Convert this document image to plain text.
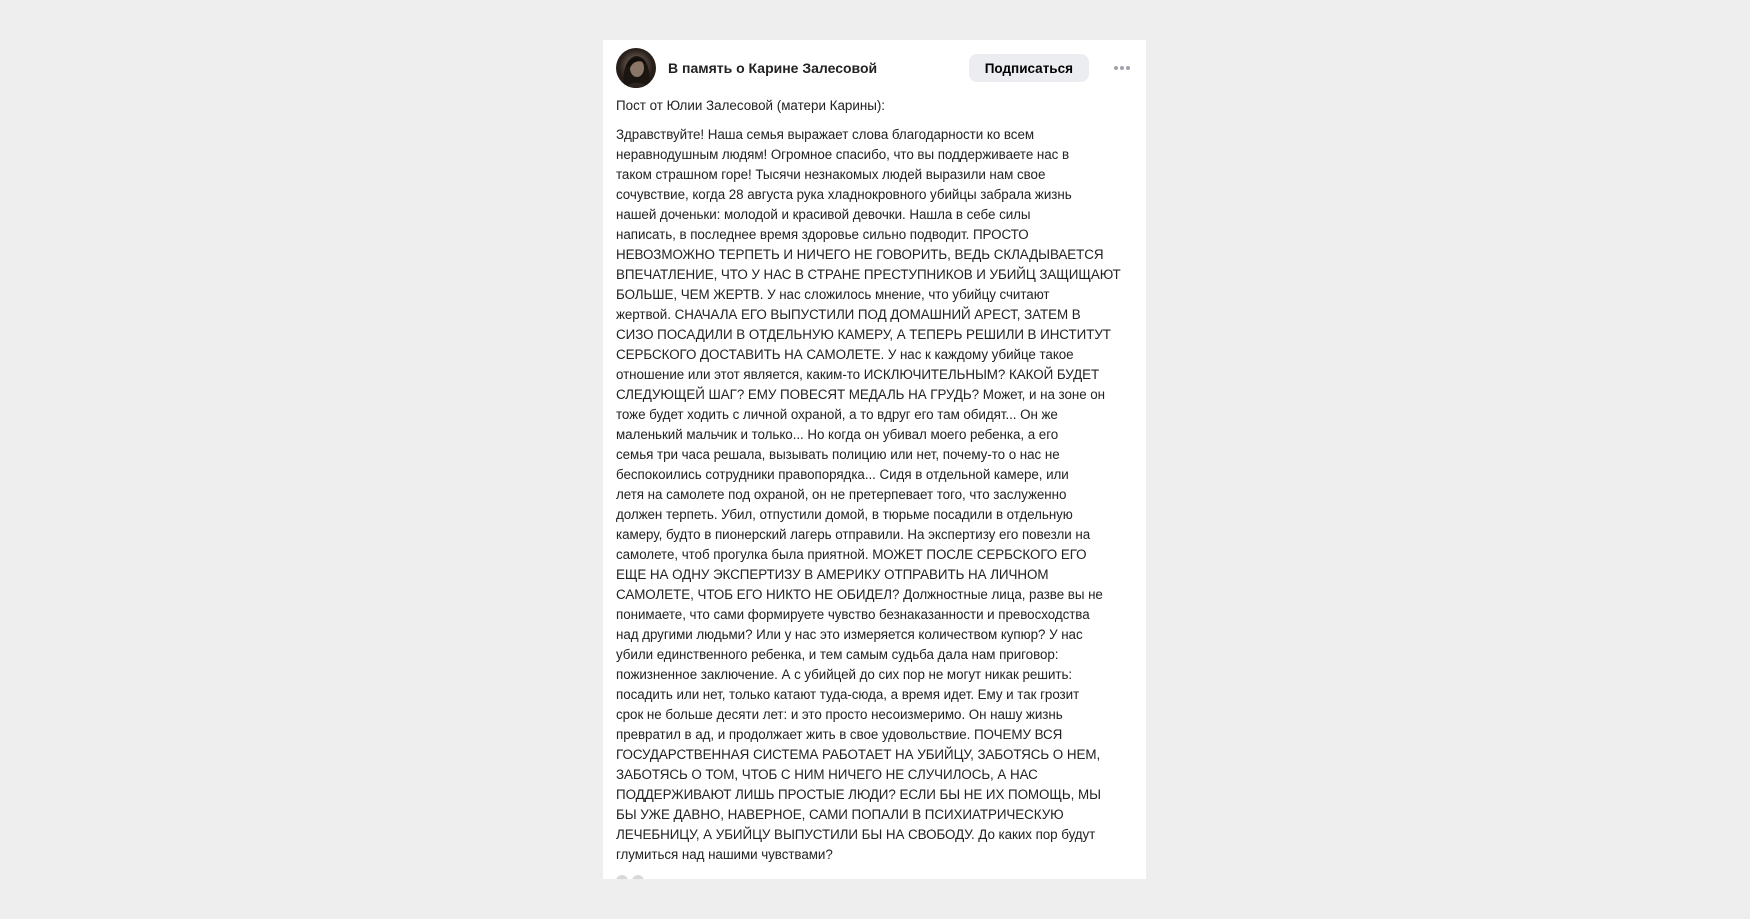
В память о Карине Залесовой	Подписаться

Пост от Юлии Залесовой (матери Карины):

Здравствуйте! Наша семья выражает слова благодарности ко всем
неравнодушным людям! Огромное спасибо, что вы поддерживаете нас в
таком страшном горе! Тысячи незнакомых людей выразили нам свое
сочувствие, когда 28 августа рука хладнокровного убийцы забрала жизнь
нашей доченьки: молодой и красивой девочки. Нашла в себе силы
написать, в последнее время здоровье сильно подводит. ПРОСТО
НЕВОЗМОЖНО ТЕРПЕТЬ И НИЧЕГО НЕ ГОВОРИТЬ, ВЕДЬ СКЛАДЫВАЕТСЯ
ВПЕЧАТЛЕНИЕ, ЧТО У НАС В СТРАНЕ ПРЕСТУПНИКОВ И УБИЙЦ ЗАЩИЩАЮТ
БОЛЬШЕ, ЧЕМ ЖЕРТВ. У нас сложилось мнение, что убийцу считают
жертвой. СНАЧАЛА ЕГО ВЫПУСТИЛИ ПОД ДОМАШНИЙ АРЕСТ, ЗАТЕМ В
СИЗО ПОСАДИЛИ В ОТДЕЛЬНУЮ КАМЕРУ, А ТЕПЕРЬ РЕШИЛИ В ИНСТИТУТ
СЕРБСКОГО ДОСТАВИТЬ НА САМОЛЕТЕ. У нас к каждому убийце такое
отношение или этот является, каким-то ИСКЛЮЧИТЕЛЬНЫМ? КАКОЙ БУДЕТ
СЛЕДУЮЩЕЙ ШАГ? ЕМУ ПОВЕСЯТ МЕДАЛЬ НА ГРУДЬ? Может, и на зоне он
тоже будет ходить с личной охраной, а то вдруг его там обидят... Он же
маленький мальчик и только... Но когда он убивал моего ребенка, а его
семья три часа решала, вызывать полицию или нет, почему-то о нас не
беспокоились сотрудники правопорядка... Сидя в отдельной камере, или
летя на самолете под охраной, он не претерпевает того, что заслуженно
должен терпеть. Убил, отпустили домой, в тюрьме посадили в отдельную
камеру, будто в пионерский лагерь отправили. На экспертизу его повезли на
самолете, чтоб прогулка была приятной. МОЖЕТ ПОСЛЕ СЕРБСКОГО ЕГО
ЕЩЕ НА ОДНУ ЭКСПЕРТИЗУ В АМЕРИКУ ОТПРАВИТЬ НА ЛИЧНОМ
САМОЛЕТЕ, ЧТОБ ЕГО НИКТО НЕ ОБИДЕЛ? Должностные лица, разве вы не
понимаете, что сами формируете чувство безнаказанности и превосходства
над другими людьми? Или у нас это измеряется количеством купюр? У нас
убили единственного ребенка, и тем самым судьба дала нам приговор:
пожизненное заключение. А с убийцей до сих пор не могут никак решить:
посадить или нет, только катают туда-сюда, а время идет. Ему и так грозит
срок не больше десяти лет: и это просто несоизмеримо. Он нашу жизнь
превратил в ад, и продолжает жить в свое удовольствие. ПОЧЕМУ ВСЯ
ГОСУДАРСТВЕННАЯ СИСТЕМА РАБОТАЕТ НА УБИЙЦУ, ЗАБОТЯСЬ О НЕМ,
ЗАБОТЯСЬ О ТОМ, ЧТОБ С НИМ НИЧЕГО НЕ СЛУЧИЛОСЬ, А НАС
ПОДДЕРЖИВАЮТ ЛИШЬ ПРОСТЫЕ ЛЮДИ? ЕСЛИ БЫ НЕ ИХ ПОМОЩЬ, МЫ
БЫ УЖЕ ДАВНО, НАВЕРНОЕ, САМИ ПОПАЛИ В ПСИХИАТРИЧЕСКУЮ
ЛЕЧЕБНИЦУ, А УБИЙЦУ ВЫПУСТИЛИ БЫ НА СВОБОДУ. До каких пор будут
глумиться над нашими чувствами?
